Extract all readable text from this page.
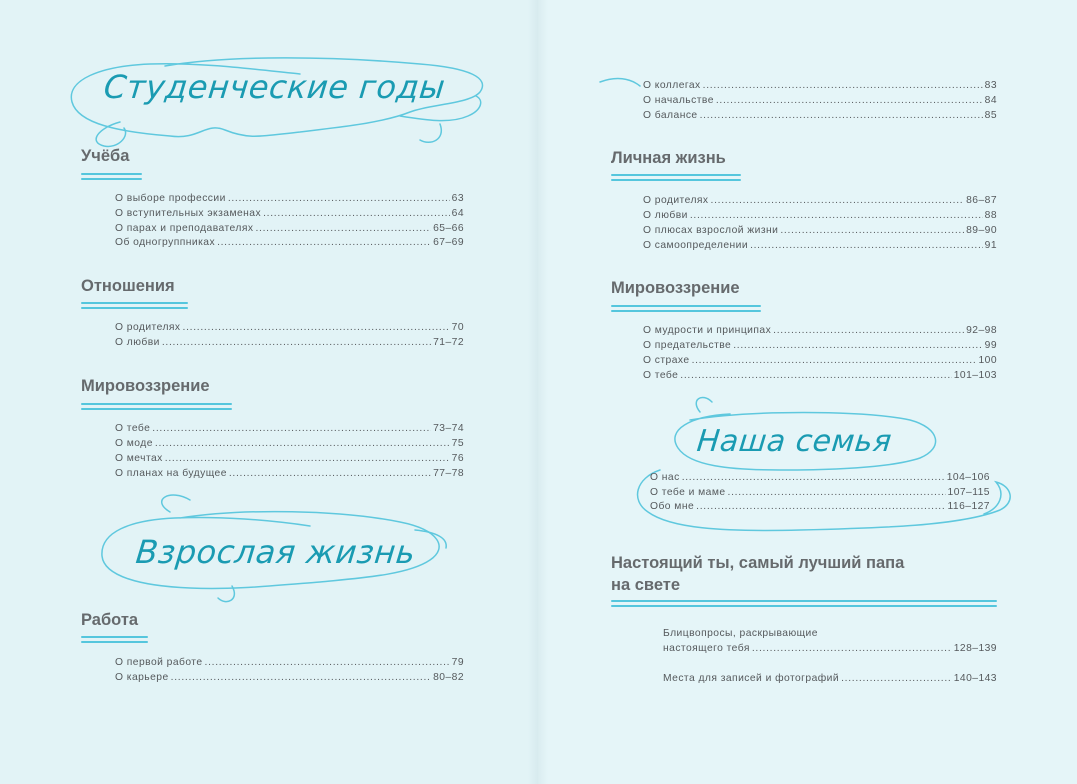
Студенческие годы
Учёба
О выборе профессии .....	63
О вступительных экзаменах .....	64
О парах и преподавателях .....	65–66
Об одногруппниках .....	67–69
Отношения
О родителях .....	70
О любви .....	71–72
Мировоззрение
О тебе .....	73–74
О моде .....	75
О мечтах .....	76
О планах на будущее .....	77–78
Взрослая жизнь
Работа
О первой работе .....	79
О карьере .....	80–82
О коллегах .....	83
О начальстве .....	84
О балансе .....	85
Личная жизнь
О родителях .....	86–87
О любви .....	88
О плюсах взрослой жизни .....	89–90
О самоопределении .....	91
Мировоззрение
О мудрости и принципах .....	92–98
О предательстве .....	99
О страхе .....	100
О тебе .....	101–103
Наша семья
О нас .....	104–106
О тебе и маме .....	107–115
Обо мне .....	116–127
Настоящий ты, самый лучший папа
на свете
Блицвопросы, раскрывающие
настоящего тебя .....	128–139
Места для записей и фотографий .....	140–143
